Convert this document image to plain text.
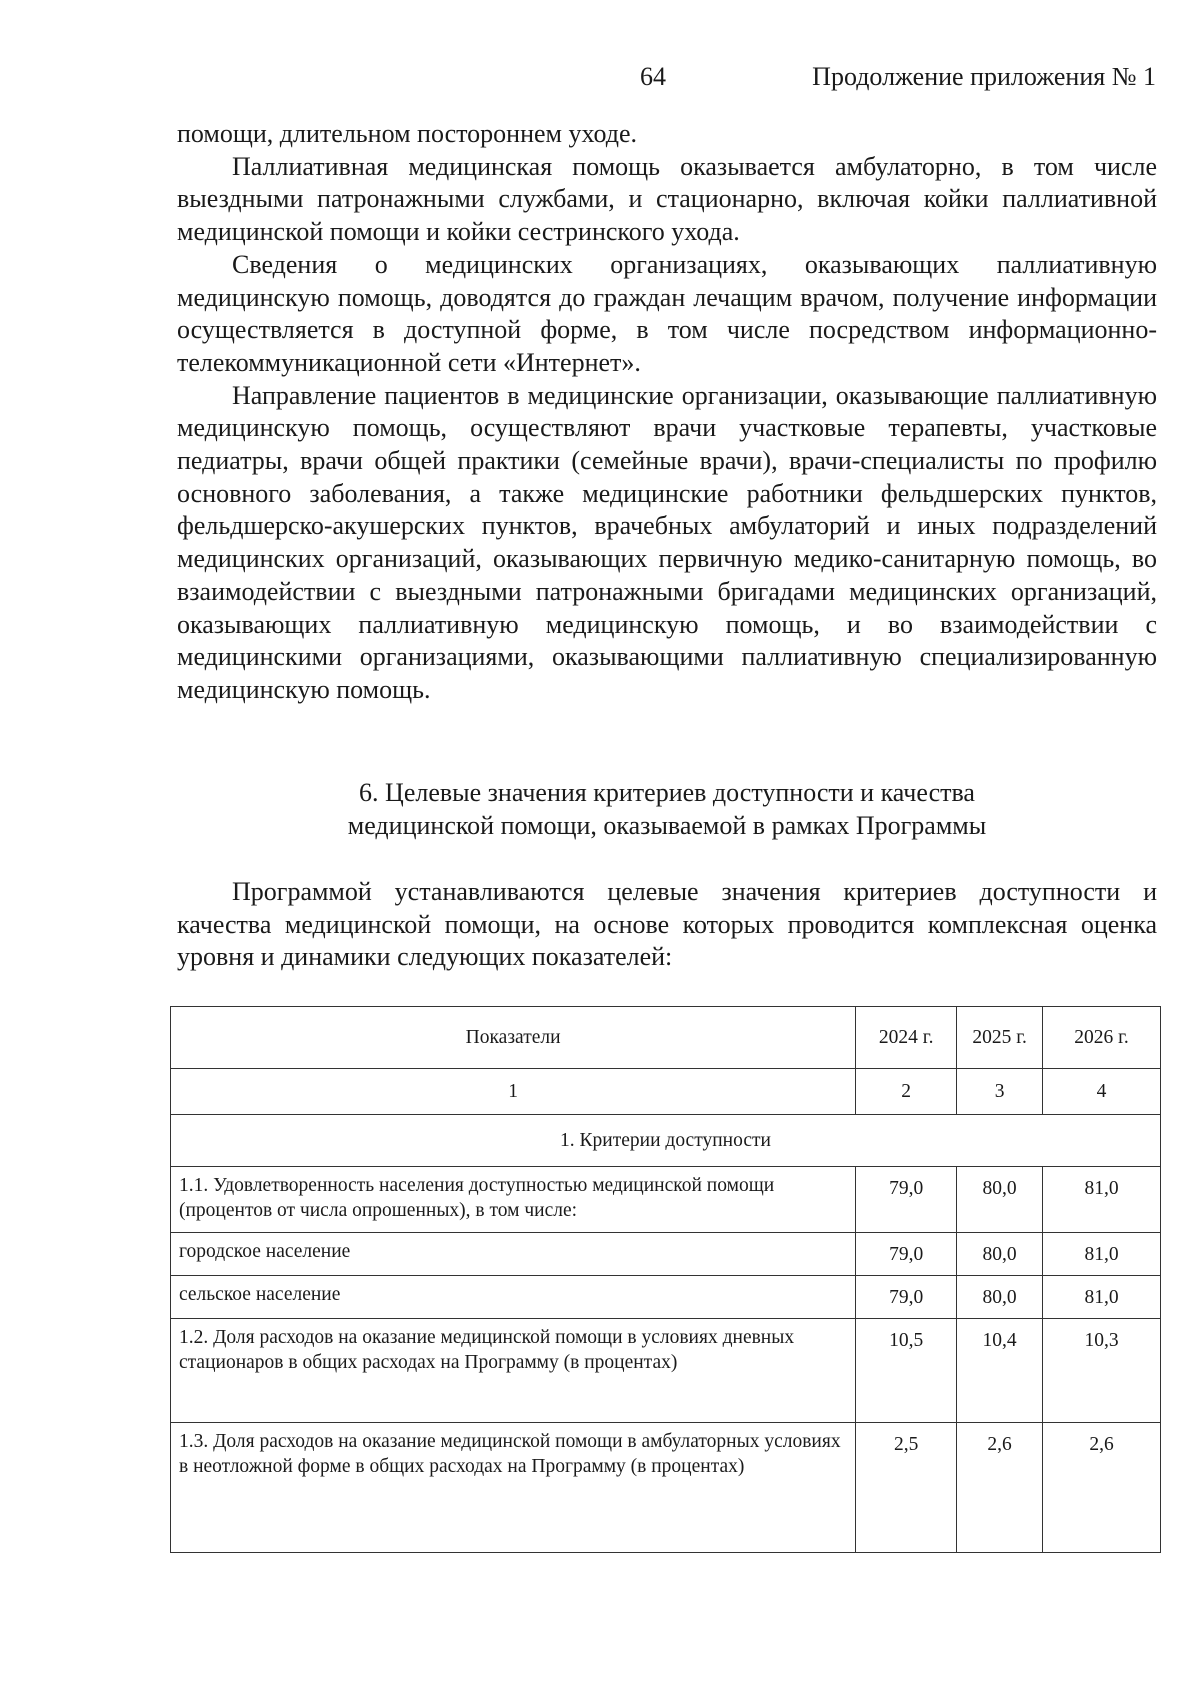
64	Продолжение приложения № 1

помощи, длительном постороннем уходе.

Паллиативная медицинская помощь оказывается амбулаторно, в том числе выездными патронажными службами, и стационарно, включая койки паллиативной медицинской помощи и койки сестринского ухода.

Сведения о медицинских организациях, оказывающих паллиативную медицинскую помощь, доводятся до граждан лечащим врачом, получение информации осуществляется в доступной форме, в том числе посредством информационно-телекоммуникационной сети «Интернет».

Направление пациентов в медицинские организации, оказывающие паллиативную медицинскую помощь, осуществляют врачи участковые терапевты, участковые педиатры, врачи общей практики (семейные врачи), врачи-специалисты по профилю основного заболевания, а также медицинские работники фельдшерских пунктов, фельдшерско-акушерских пунктов, врачебных амбулаторий и иных подразделений медицинских организаций, оказывающих первичную медико-санитарную помощь, во взаимодействии с выездными патронажными бригадами медицинских организаций, оказывающих паллиативную медицинскую помощь, и во взаимодействии с медицинскими организациями, оказывающими паллиативную специализированную медицинскую помощь.

6. Целевые значения критериев доступности и качества
медицинской помощи, оказываемой в рамках Программы

Программой устанавливаются целевые значения критериев доступности и качества медицинской помощи, на основе которых проводится комплексная оценка уровня и динамики следующих показателей:

Показатели	2024 г.	2025 г.	2026 г.
1	2	3	4
1. Критерии доступности			
1.1. Удовлетворенность населения доступностью медицинской помощи (процентов от числа опрошенных), в том числе:	79,0	80,0	81,0
городское население	79,0	80,0	81,0
сельское население	79,0	80,0	81,0
1.2. Доля расходов на оказание медицинской помощи в условиях дневных стационаров в общих расходах на Программу (в процентах)	10,5	10,4	10,3
1.3. Доля расходов на оказание медицинской помощи в амбулаторных условиях в неотложной форме в общих расходах на Программу (в процентах)	2,5	2,6	2,6
